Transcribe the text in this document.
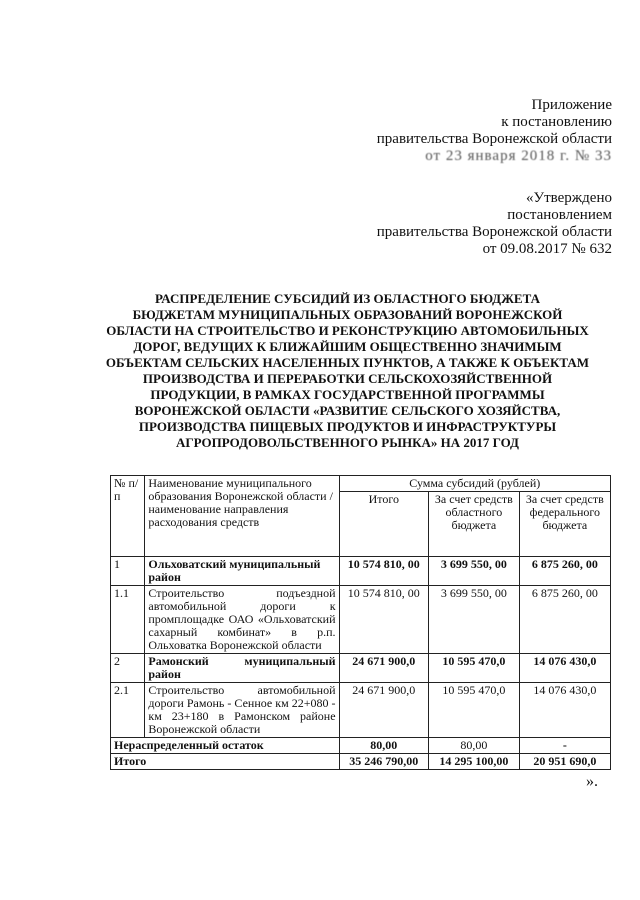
Приложение
к постановлению
правительства Воронежской области
от 23 января 2018 г. № 33
«Утверждено
постановлением
правительства Воронежской области
от 09.08.2017 № 632
РАСПРЕДЕЛЕНИЕ СУБСИДИЙ ИЗ ОБЛАСТНОГО БЮДЖЕТА
БЮДЖЕТАМ МУНИЦИПАЛЬНЫХ ОБРАЗОВАНИЙ ВОРОНЕЖСКОЙ
ОБЛАСТИ НА СТРОИТЕЛЬСТВО И РЕКОНСТРУКЦИЮ АВТОМОБИЛЬНЫХ
ДОРОГ, ВЕДУЩИХ К БЛИЖАЙШИМ ОБЩЕСТВЕННО ЗНАЧИМЫМ
ОБЪЕКТАМ СЕЛЬСКИХ НАСЕЛЕННЫХ ПУНКТОВ, А ТАКЖЕ К ОБЪЕКТАМ
ПРОИЗВОДСТВА И ПЕРЕРАБОТКИ СЕЛЬСКОХОЗЯЙСТВЕННОЙ
ПРОДУКЦИИ, В РАМКАХ ГОСУДАРСТВЕННОЙ ПРОГРАММЫ
ВОРОНЕЖСКОЙ ОБЛАСТИ «РАЗВИТИЕ СЕЛЬСКОГО ХОЗЯЙСТВА,
ПРОИЗВОДСТВА ПИЩЕВЫХ ПРОДУКТОВ И ИНФРАСТРУКТУРЫ
АГРОПРОДОВОЛЬСТВЕННОГО РЫНКА» НА 2017 ГОД
№ п/п	Наименование муниципального образования Воронежской области / наименование направления расходования средств	Сумма субсидий (рублей)		
		Итого	За счет средств областного бюджета	За счет средств федерального бюджета
1	Ольховатский муниципальный район	10 574 810, 00	3 699 550, 00	6 875 260, 00
1.1	Строительство подъездной автомобильной дороги к промплощадке ОАО «Ольховатский сахарный комбинат» в р.п. Ольховатка Воронежской области	10 574 810, 00	3 699 550, 00	6 875 260, 00
2	Рамонский муниципальный район	24 671 900,0	10 595 470,0	14 076 430,0
2.1	Строительство автомобильной дороги Рамонь - Сенное км 22+080 - км 23+180 в Рамонском районе Воронежской области	24 671 900,0	10 595 470,0	14 076 430,0
Нераспределенный остаток		80,00	80,00	-
Итого		35 246 790,00	14 295 100,00	20 951 690,0
».
